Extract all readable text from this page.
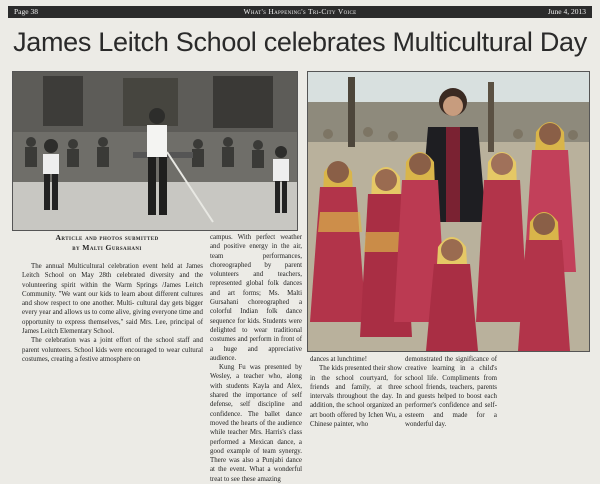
What's Happening's Tri-City Voice
Page 38	June 4, 2013
James Leitch School celebrates Multicultural Day
Article and photos submitted
by Malti Gursahani

The annual Multicultural celebration event held at James Leitch School on May 28th celebrated diversity and the volunteering spirit within the Warm Springs /James Leitch Community. "We want our kids to learn about different cultures and show respect to one another. Multi- cultural day gets bigger every year and allows us to come alive, giving everyone time and opportunity to express themselves," said Mrs. Lee, principal of James Leitch Elementary School.

The celebration was a joint effort of the school staff and parent volunteers. School kids were encouraged to wear cultural costumes, creating a festive atmosphere on

campus. With perfect weather and positive energy in the air, team performances, choreographed by parent volunteers and teachers, represented global folk dances and art forms; Ms. Malti Gursahani choreographed a colorful Indian folk dance sequence for kids. Students were delighted to wear traditional costumes and perform in front of a huge and appreciative audience.

Kung Fu was presented by Wesley, a teacher who, along with students Kayla and Alex, shared the importance of self defense, self discipline and confidence. The ballet dance moved the hearts of the audience while teacher Mrs. Harris's class performed a Mexican dance, a good example of team synergy. There was also a Punjabi dance at the event. What a wonderful treat to see these amazing

dances at lunchtime!

The kids presented their show in the school courtyard, for friends and family, at three intervals throughout the day. In addition, the school organized an art booth offered by Ichen Wu, a Chinese painter, who

demonstrated the significance of creative learning in a child's school life. Compliments from school friends, teachers, parents and guests helped to boost each performer's confidence and self-esteem and made for a wonderful day.
